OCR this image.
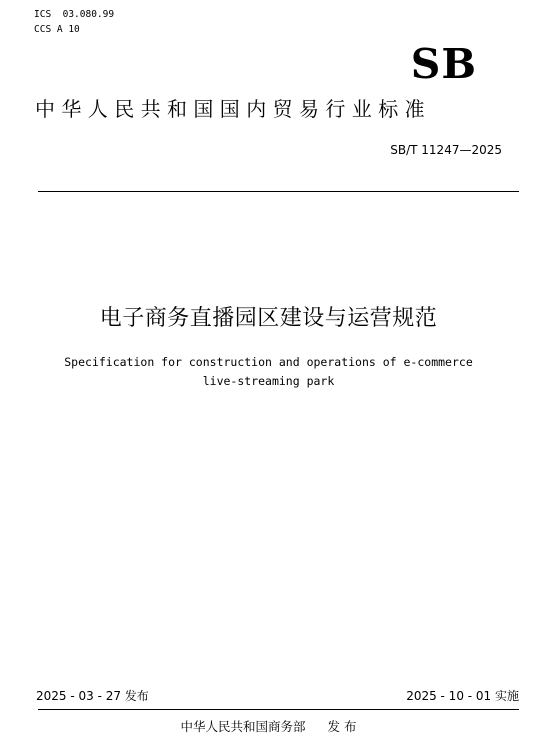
ICS  03.080.99
CCS A 10
SB
中华人民共和国国内贸易行业标准
SB/T 11247—2025
电子商务直播园区建设与运营规范
Specification for construction and operations of e-commerce
live-streaming park
2025 - 03 - 27 发布	2025 - 10 - 01 实施
中华人民共和国商务部 发 布
